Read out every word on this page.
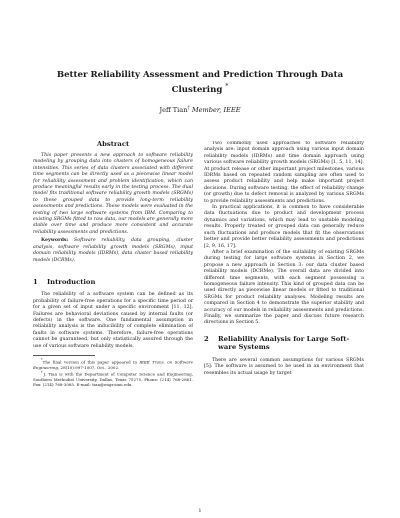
Better Reliability Assessment and Prediction Through Data
Clustering *
Jeff Tian† Member, IEEE
Abstract

This paper presents a new approach to software reliability modeling by grouping data into clusters of homogeneous failure intensities. This series of data clusters associated with different time segments can be directly used as a piecewise linear model for reliability assessment and problem identification, which can produce meaningful results early in the testing process. The dual model fits traditional software reliability growth models (SRGMs) to these grouped data to provide long-term reliability assessments and predictions. These models were evaluated in the testing of two large software systems from IBM. Comparing to existing SRGMs fitted to raw data, our models are generally more stable over time and produce more consistent and accurate reliability assessments and predictions.

Keywords: Software reliability, data grouping, cluster analysis, software reliability growth models (SRGMs), input domain reliability models (IDRMs), data cluster based reliability models (DCRMs).

1	Introduction

The reliability of a software system can be defined as its probability of failure-free operations for a specific time period or for a given set of input under a specific environment [11, 12]. Failures are behavioral deviations caused by internal faults (or defects) in the software. One fundamental assumption in reliability analysis is the inducibility of complete elimination of faults in software systems. Therefore, failure-free operations cannot be guaranteed, but only statistically assured through the use of various software reliability models.

*The final version of this paper appeared in IEEE Trans. on Software Engineering, 28(10):997-1007, Oct., 2002.

†J. Tian is with the Department of Computer Science and Engineering, Southern Methodist University, Dallas, Texas 75275. Phone: (214) 768-2861. Fax: (214) 768-3085. E-mail: tian@engr.smu.edu.

Two commonly used approaches to software reliability analysis are: input domain approach using various input domain reliability models (IDRMs) and time domain approach using various software reliability growth models (SRGMs) [1, 5, 11, 14]. At product release or other important project milestones, various IDRMs based on repeated random sampling are often used to assess product reliability and help make important project decisions. During software testing, the effect of reliability change (or growth) due to defect removal is analyzed by various SRGMs to provide reliability assessments and predictions.

In practical applications, it is common to have considerable data fluctuations due to product and development process dynamics and variations, which may lead to unstable modeling results. Properly treated or grouped data can generally reduce such fluctuations and produce models that fit the observations better and provide better reliability assessments and predictions [2, 9, 16, 17].

After a brief examination of the suitability of existing SRGMs during testing for large software systems in Section 2, we propose a new approach in Section 3: our data cluster based reliability models (DCRMe). The overall data are divided into different time segments, with each segment possessing a homogeneous failure intensity. This kind of grouped data can be used directly as piecewise linear models or fitted to traditional SRGMs for product reliability analyses. Modeling results are compared in Section 4 to demonstrate the superior stability and accuracy of our models in reliability assessments and predictions. Finally, we summarize the paper and discuss future research directions in Section 5.

2	Reliability Analysis for Large Soft-
ware Systems

There are several common assumptions for various SRGMs [5]: The software is assumed to be used in an environment that resembles its actual usage by target

1
